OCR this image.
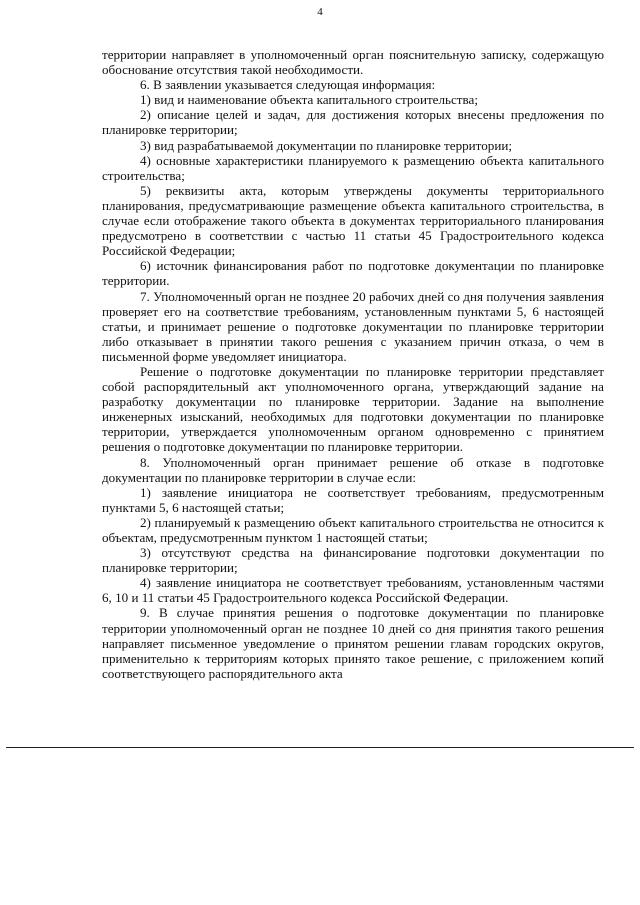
4

территории направляет в уполномоченный орган пояснительную записку, содержащую обоснование отсутствия такой необходимости.

6. В заявлении указывается следующая информация:

1) вид и наименование объекта капитального строительства;

2) описание целей и задач, для достижения которых внесены предложения по планировке территории;

3) вид разрабатываемой документации по планировке территории;

4) основные характеристики планируемого к размещению объекта капитального строительства;

5) реквизиты акта, которым утверждены документы территориального планирования, предусматривающие размещение объекта капитального строительства, в случае если отображение такого объекта в документах территориального планирования предусмотрено в соответствии с частью 11 статьи 45 Градостроительного кодекса Российской Федерации;

6) источник финансирования работ по подготовке документации по планировке территории.

7. Уполномоченный орган не позднее 20 рабочих дней со дня получения заявления проверяет его на соответствие требованиям, установленным пунктами 5, 6 настоящей статьи, и принимает решение о подготовке документации по планировке территории либо отказывает в принятии такого решения с указанием причин отказа, о чем в письменной форме уведомляет инициатора.

Решение о подготовке документации по планировке территории представляет собой распорядительный акт уполномоченного органа, утверждающий задание на разработку документации по планировке территории. Задание на выполнение инженерных изысканий, необходимых для подготовки документации по планировке территории, утверждается уполномоченным органом одновременно с принятием решения о подготовке документации по планировке территории.

8. Уполномоченный орган принимает решение об отказе в подготовке документации по планировке территории в случае если:

1) заявление инициатора не соответствует требованиям, предусмотренным пунктами 5, 6 настоящей статьи;

2) планируемый к размещению объект капитального строительства не относится к объектам, предусмотренным пунктом 1 настоящей статьи;

3) отсутствуют средства на финансирование подготовки документации по планировке территории;

4) заявление инициатора не соответствует требованиям, установленным частями 6, 10 и 11 статьи 45 Градостроительного кодекса Российской Федерации.

9. В случае принятия решения о подготовке документации по планировке территории уполномоченный орган не позднее 10 дней со дня принятия такого решения направляет письменное уведомление о принятом решении главам городских округов, применительно к территориям которых принято такое решение, с приложением копий соответствующего распорядительного акта
